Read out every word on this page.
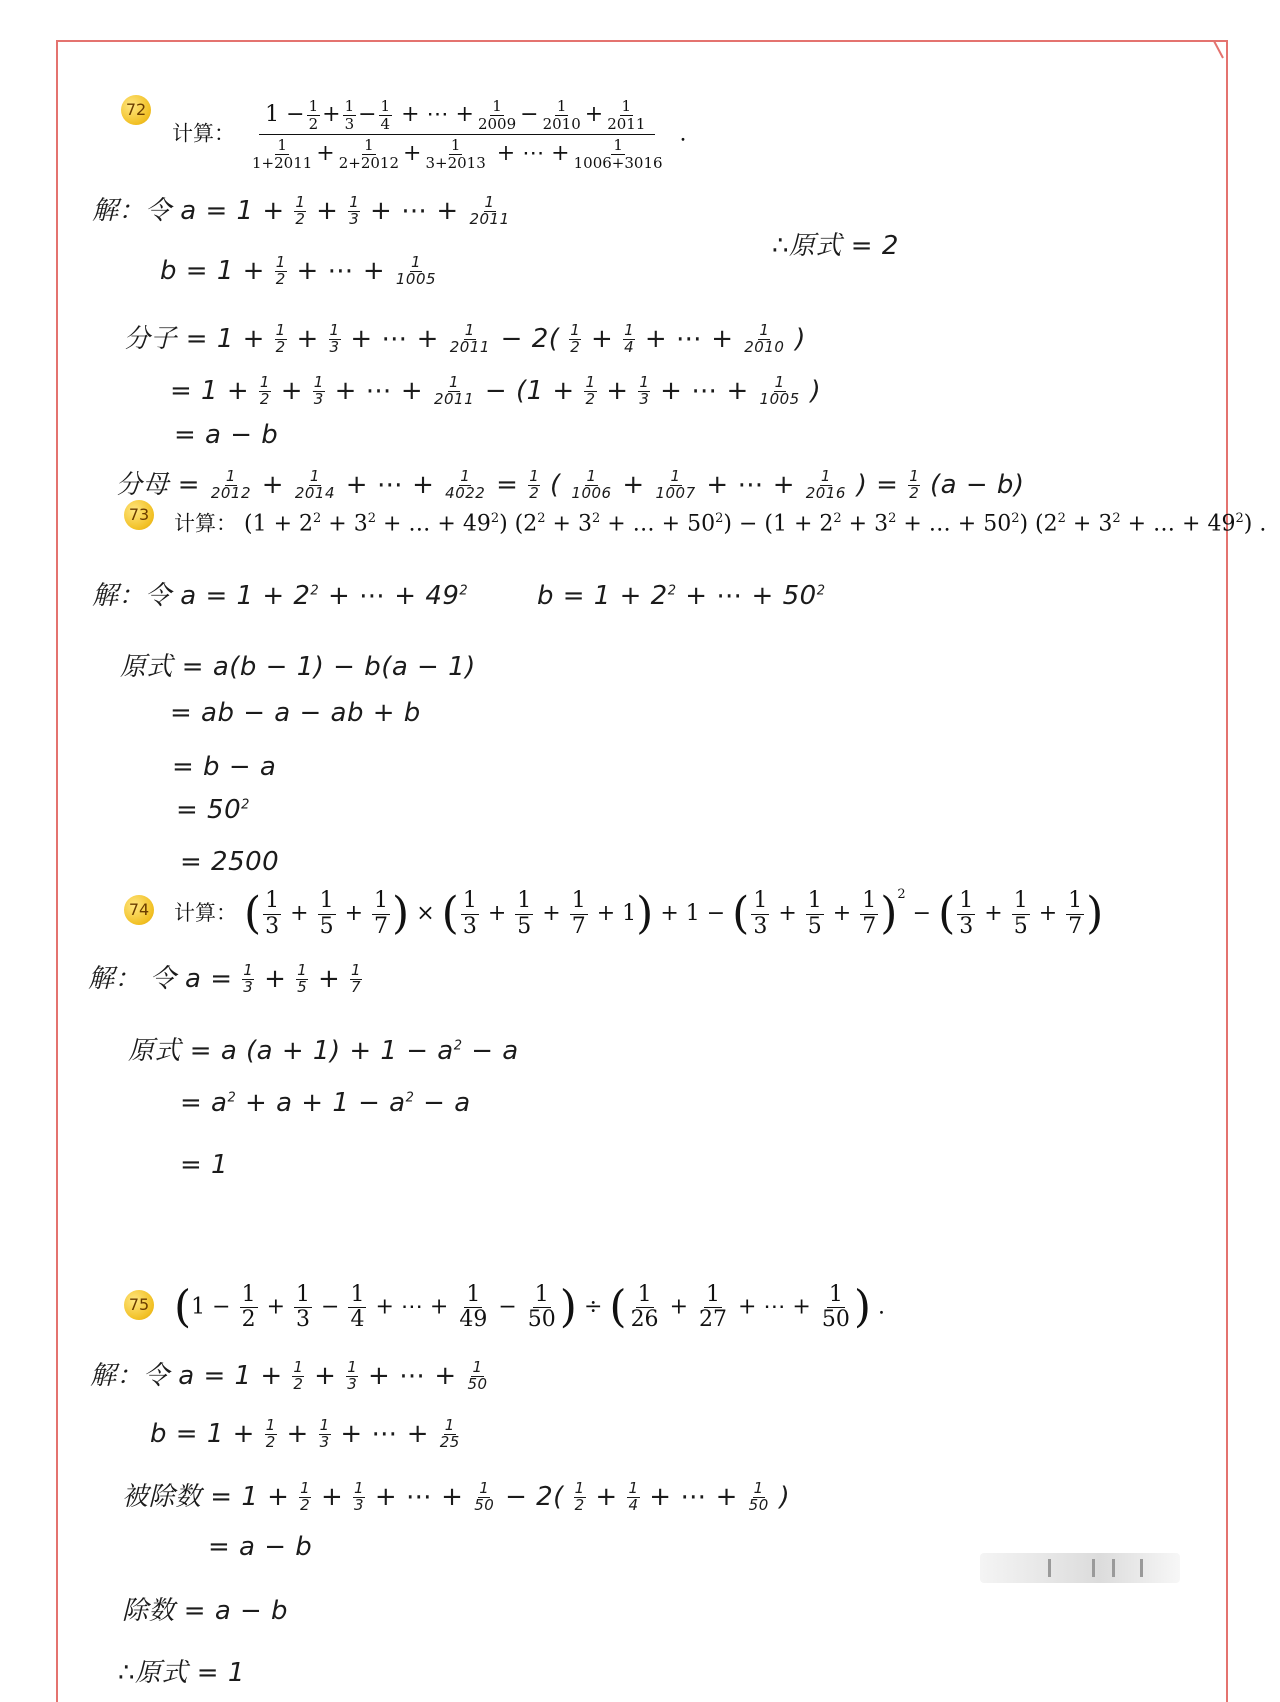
72
计算：
1
− $\frac{1}{2} + \frac{1}{3} - \frac{1}{4}$
+ ⋯ + $\frac{1}{2009} - \frac{1}{2010} + \frac{1}{2011}$
$\frac{1}{1+2011} + \frac{1}{2+2012} + \frac{1}{3+2013}$
+ ⋯ + $\frac{1}{1006+3016}$
.
解：令 $a = 1 + \frac{1}{2} + \frac{1}{3}$ + ⋯ + $\frac{1}{2011}$
∴原式 = 2
$b = 1 + \frac{1}{2}$ + ⋯ + $\frac{1}{1005}$
分子 = $1 + \frac{1}{2} + \frac{1}{3}$ + ⋯ + $\frac{1}{2011} - 2( \frac{1}{2} + \frac{1}{4}$ + ⋯ + $\frac{1}{2010}$ )
= $1 + \frac{1}{2} + \frac{1}{3}$ + ⋯ + $\frac{1}{2011} - (1 + \frac{1}{2} + \frac{1}{3}$ + ⋯ + $\frac{1}{1005}$ )
= a − b
分母 = $\frac{1}{2012} + \frac{1}{2014}$ + ⋯ + $\frac{1}{4022} = \frac{1}{2}$ ( $\frac{1}{1006} + \frac{1}{1007}$ + ⋯ + $\frac{1}{2016}$ ) = $\frac{1}{2} (a - b)$
73 计算： ($1 + 2^2 + 3^2$ + … + $49^2$) ($2^2 + 3^2$ + … + $50^2) - (1 + 2^2 + 3^2$ + … + $50^2$) ($2^2 + 3^2$ + … + $49^2$) .
解：令 $a = 1 + 2^2$ + ⋯ + $49^2$	$b = 1 + 2^2$ + ⋯ + $50^2$
原式 = a(b − 1) − b(a − 1)
= ab − a − ab + b
= b − a
= $50^2$
= 2500
74 计算： ( $\frac{1}{3} + \frac{1}{5} + \frac{1}{7}$ ) × ( $\frac{1}{3} + \frac{1}{5} + \frac{1}{7} + 1) + 1$ − ( $\frac{1}{3} + \frac{1}{5} + \frac{1}{7} )^2$ − ( $\frac{1}{3} + \frac{1}{5} + \frac{1}{7}$ )
解： 令 $a = \frac{1}{3} + \frac{1}{5} + \frac{1}{7}$
原式 = a $(a + 1) + 1 - a^2 - a$
= $a^2 + a + 1 - a^2 - a$
= 1
75 ($1 - \frac{1}{2} + \frac{1}{3} - \frac{1}{4}$ + ⋯ + $\frac{1}{49} - \frac{1}{50}$ ) ÷ ( $\frac{1}{26} + \frac{1}{27}$ + ⋯ + $\frac{1}{50}$ ) .
解：令 $a = 1 + \frac{1}{2} + \frac{1}{3}$ + ⋯ + $\frac{1}{50}$
$b = 1 + \frac{1}{2} + \frac{1}{3}$ + ⋯ + $\frac{1}{25}$
被除数 = $1 + \frac{1}{2} + \frac{1}{3}$ + ⋯ + $\frac{1}{50} - 2( \frac{1}{2} + \frac{1}{4}$ + ⋯ + $\frac{1}{50}$ )
= a − b
除数 = a − b
∴原式 = 1
